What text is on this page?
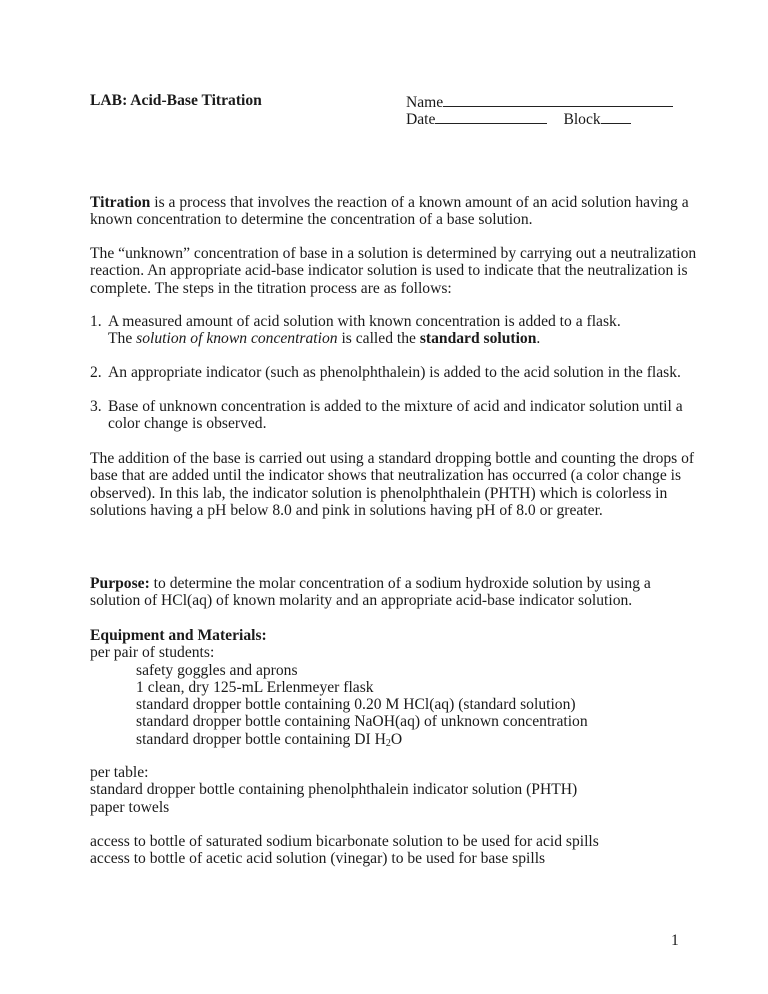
LAB: Acid-Base Titration	Name
Date	Block
Titration is a process that involves the reaction of a known amount of an acid solution having a
known concentration to determine the concentration of a base solution.
The “unknown” concentration of base in a solution is determined by carrying out a neutralization
reaction. An appropriate acid-base indicator solution is used to indicate that the neutralization is
complete. The steps in the titration process are as follows:
1. A measured amount of acid solution with known concentration is added to a flask.
The solution of known concentration is called the standard solution.
2. An appropriate indicator (such as phenolphthalein) is added to the acid solution in the flask.
3. Base of unknown concentration is added to the mixture of acid and indicator solution until a
color change is observed.
The addition of the base is carried out using a standard dropping bottle and counting the drops of
base that are added until the indicator shows that neutralization has occurred (a color change is
observed). In this lab, the indicator solution is phenolphthalein (PHTH) which is colorless in
solutions having a pH below 8.0 and pink in solutions having pH of 8.0 or greater.
Purpose: to determine the molar concentration of a sodium hydroxide solution by using a
solution of HCl(aq) of known molarity and an appropriate acid-base indicator solution.
Equipment and Materials:
per pair of students:
safety goggles and aprons
1 clean, dry 125-mL Erlenmeyer flask
standard dropper bottle containing 0.20 M HCl(aq) (standard solution)
standard dropper bottle containing NaOH(aq) of unknown concentration
standard dropper bottle containing DI $H_2O$
per table:
standard dropper bottle containing phenolphthalein indicator solution (PHTH)
paper towels
access to bottle of saturated sodium bicarbonate solution to be used for acid spills
access to bottle of acetic acid solution (vinegar) to be used for base spills
1
